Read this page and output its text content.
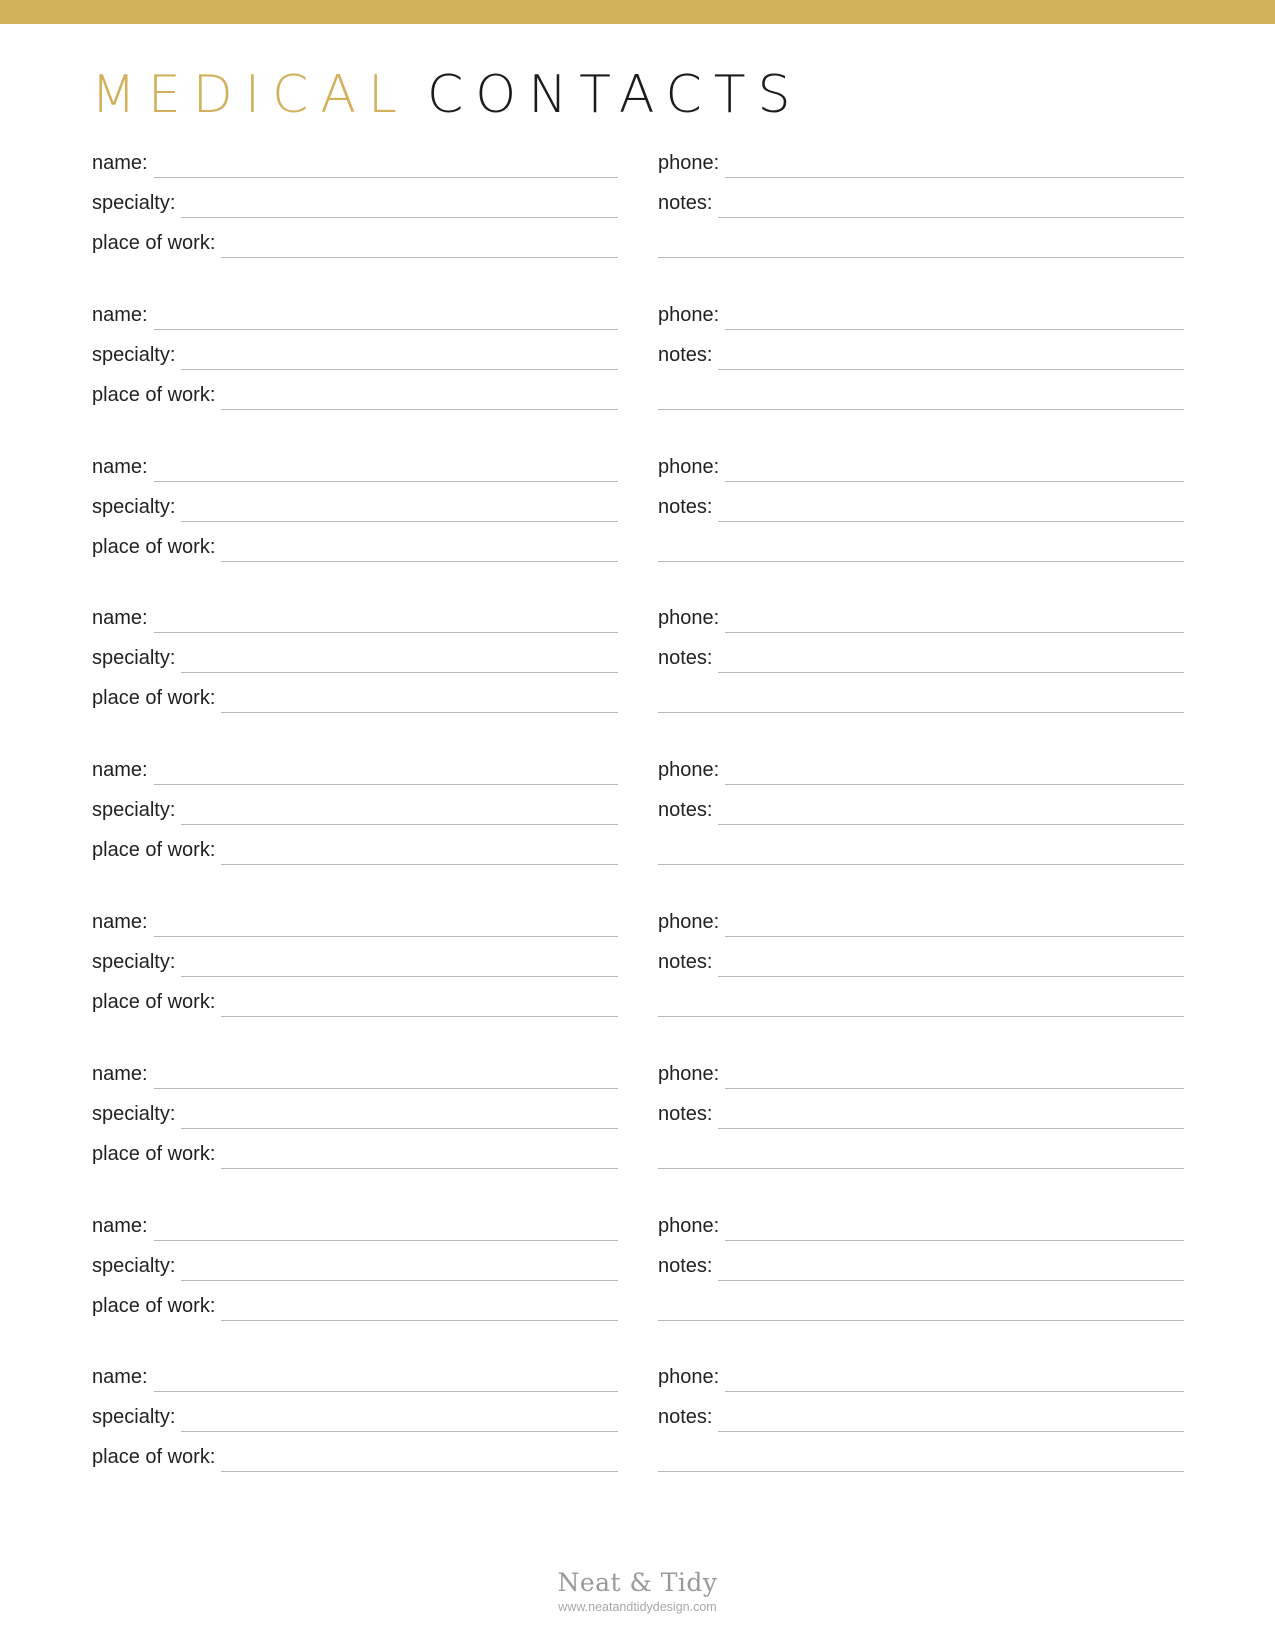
MEDICAL CONTACTS
name:
specialty:
place of work:
phone:
notes:
name:
specialty:
place of work:
phone:
notes:
name:
specialty:
place of work:
phone:
notes:
name:
specialty:
place of work:
phone:
notes:
name:
specialty:
place of work:
phone:
notes:
name:
specialty:
place of work:
phone:
notes:
name:
specialty:
place of work:
phone:
notes:
name:
specialty:
place of work:
phone:
notes:
name:
specialty:
place of work:
phone:
notes:
Neat & Tidy
www.neatandtidydesign.com
